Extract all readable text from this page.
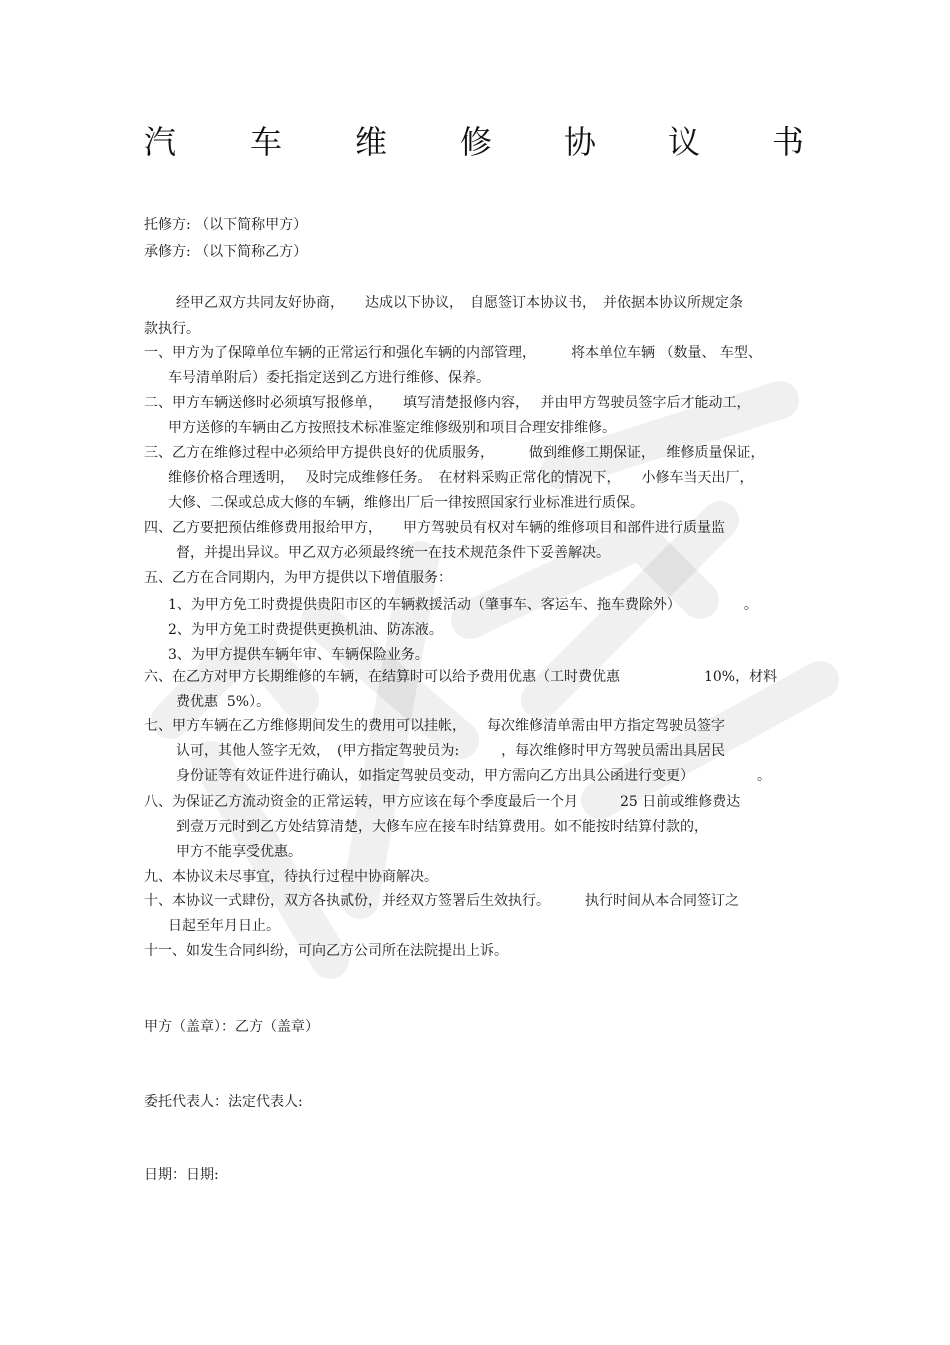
汽 车 维 修 协 议 书

托修方: （以下简称甲方）

承修方: （以下简称乙方）

经甲乙双方共同友好协商，　　达成以下协议，　自愿签订本协议书，　并依据本协议所规定条

款执行。

一、甲方为了保障单位车辆的正常运行和强化车辆的内部管理，　　　将本单位车辆 （数量、 车型、

车号清单附后）委托指定送到乙方进行维修、保养。

二、甲方车辆送修时必须填写报修单，　　填写清楚报修内容，　 并由甲方驾驶员签字后才能动工，

甲方送修的车辆由乙方按照技术标准鉴定维修级别和项目合理安排维修。

三、乙方在维修过程中必须给甲方提供良好的优质服务，　　　做到维修工期保证，　 维修质量保证，

维修价格合理透明，　 及时完成维修任务。　在材料采购正常化的情况下，　　小修车当天出厂，

大修、二保或总成大修的车辆，维修出厂后一律按照国家行业标准进行质保。

四、乙方要把预估维修费用报给甲方，　　甲方驾驶员有权对车辆的维修项目和部件进行质量监

督，并提出异议。甲乙双方必须最终统一在技术规范条件下妥善解决。

五、乙方在合同期内，为甲方提供以下增值服务：

1、为甲方免工时费提供贵阳市区的车辆救援活动（肇事车、客运车、拖车费除外）　　　　　。

2、为甲方免工时费提供更换机油、防冻液。

3、为甲方提供车辆年审、车辆保险业务。

六、在乙方对甲方长期维修的车辆，在结算时可以给予费用优惠（工时费优惠　　　　　　10%，材料

费优惠  5%）。

七、甲方车辆在乙方维修期间发生的费用可以挂帐，　　每次维修清单需由甲方指定驾驶员签字

认可，其他人签字无效，　(甲方指定驾驶员为:　　　，每次维修时甲方驾驶员需出具居民

身份证等有效证件进行确认，如指定驾驶员变动，甲方需向乙方出具公函进行变更）　　　　　。

八、为保证乙方流动资金的正常运转，甲方应该在每个季度最后一个月　　　25 日前或维修费达

到壹万元时到乙方处结算清楚，大修车应在接车时结算费用。如不能按时结算付款的，

甲方不能享受优惠。

九、本协议未尽事宜，待执行过程中协商解决。

十、本协议一式肆份，双方各执贰份，并经双方签署后生效执行。　　　执行时间从本合同签订之

日起至年月日止。

十一、如发生合同纠纷，可向乙方公司所在法院提出上诉。

甲方（盖章）：乙方（盖章）

委托代表人：法定代表人:

日期：日期:
